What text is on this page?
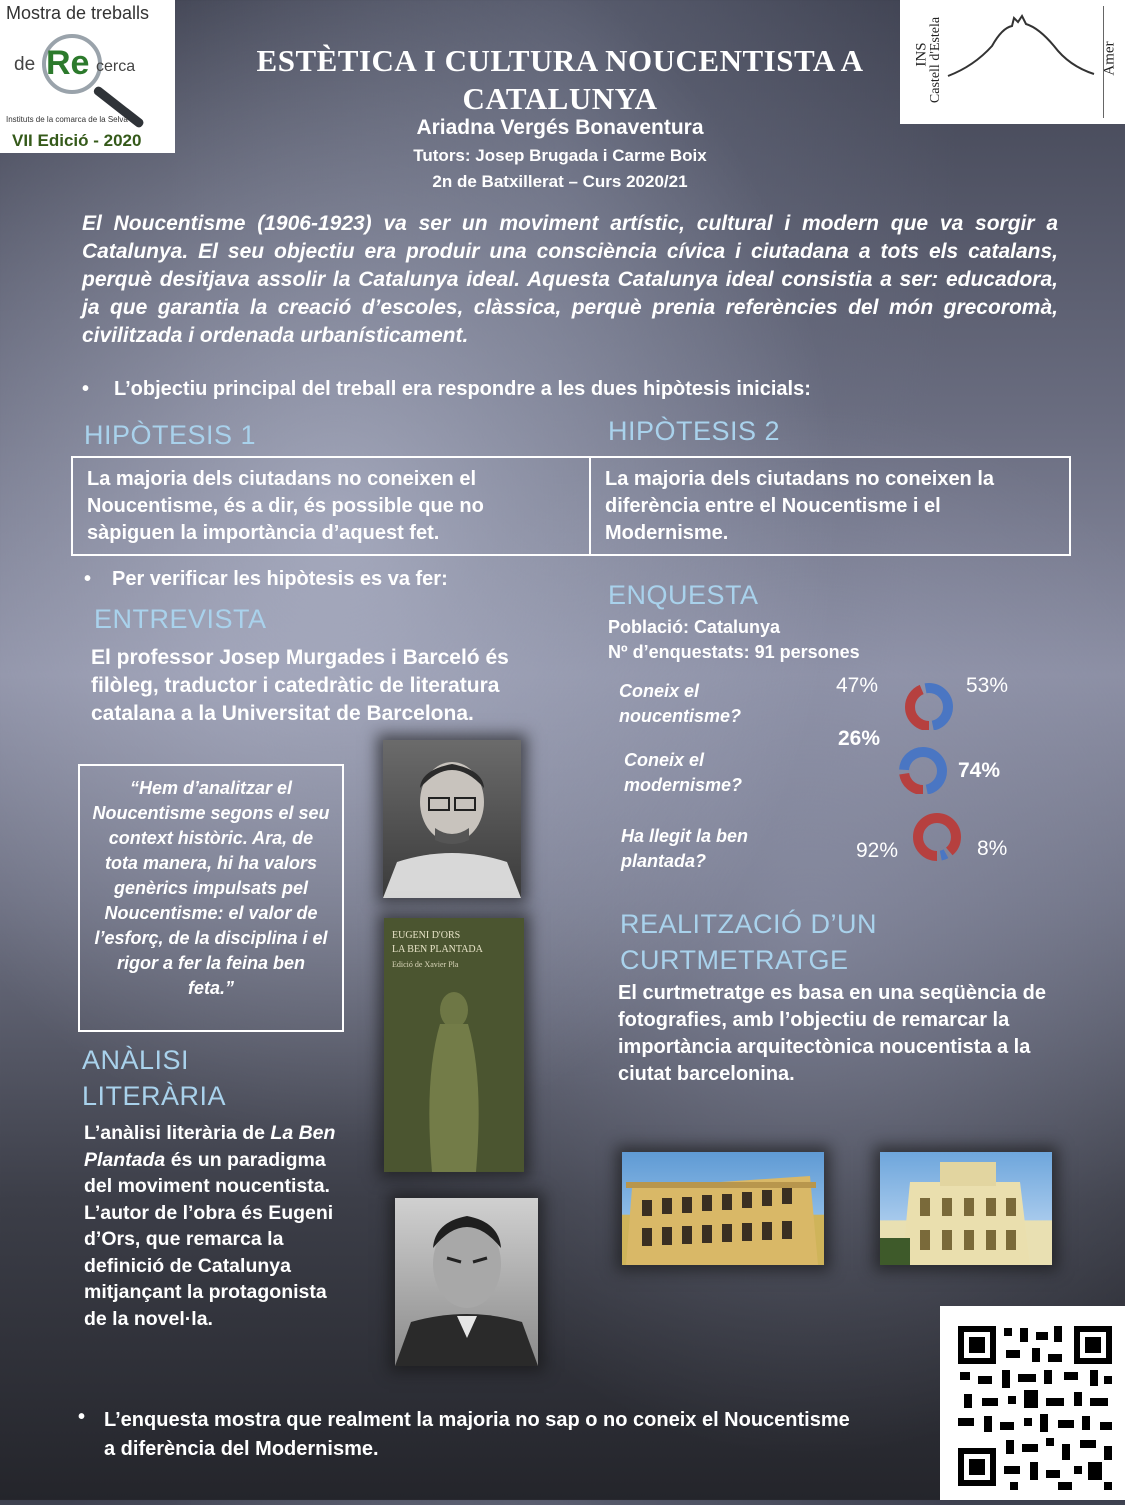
Mostra de treballs
de Re cerca
Instituts de la comarca de la Selva
VII Edició - 2020
INS
Castell d'Estela	Amer
ESTÈTICA I CULTURA NOUCENTISTA A CATALUNYA
Ariadna Vergés Bonaventura
Tutors: Josep Brugada i Carme Boix
2n de Batxillerat – Curs 2020/21
El Noucentisme (1906-1923) va ser un moviment artístic, cultural i modern que va sorgir a Catalunya. El seu objectiu era produir una consciència cívica i ciutadana a tots els catalans, perquè desitjava assolir la Catalunya ideal. Aquesta Catalunya ideal consistia a ser: educadora, ja que garantia la creació d’escoles, clàssica, perquè prenia referències del món grecoromà, civilitzada i ordenada urbanísticament.
• L’objectiu principal del treball era respondre a les dues hipòtesis inicials:
HIPÒTESIS 1	HIPÒTESIS 2
La majoria dels ciutadans no coneixen el Noucentisme, és a dir, és possible que no sàpiguen la importància d’aquest fet.
La majoria dels ciutadans no coneixen la diferència entre el Noucentisme i el Modernisme.
• Per verificar les hipòtesis es va fer:
ENTREVISTA
El professor Josep Murgades i Barceló és filòleg, traductor i catedràtic de literatura catalana a la Universitat de Barcelona.
“Hem d’analitzar el Noucentisme segons el seu context històric. Ara, de tota manera, hi ha valors genèrics impulsats pel Noucentisme: el valor de l’esforç, de la disciplina i el rigor a fer la feina ben feta.”
EUGENI D'ORS
LA BEN PLANTADA
Edició de Xavier Pla
ANÀLISI
LITERÀRIA
L’anàlisi literària de La Ben Plantada és un paradigma del moviment noucentista. L’autor de l’obra és Eugeni d’Ors, que remarca la definició de Catalunya mitjançant la protagonista de la novel·la.
ENQUESTA
Població: Catalunya
Nº d’enquestats: 91 persones
Coneix el
noucentisme?
47%	53%
Coneix el
modernisme?
26%
74%
Ha llegit la ben
plantada?	92%	8%
REALITZACIÓ D’UN
CURTMETRATGE
El curtmetratge es basa en una seqüència de fotografies, amb l’objectiu de remarcar la importància arquitectònica noucentista a la ciutat barcelonina.
• L’enquesta mostra que realment la majoria no sap o no coneix el Noucentisme a diferència del Modernisme.
